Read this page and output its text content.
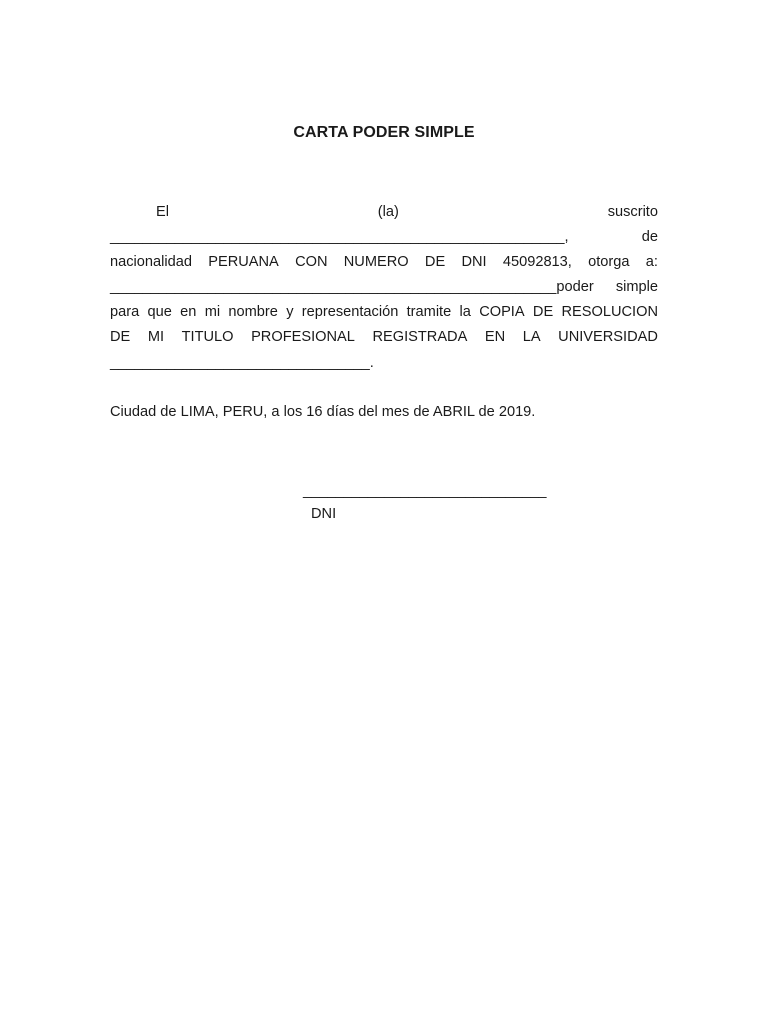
CARTA PODER SIMPLE
El	(la)	suscrito
________________________________________________________,	de
nacionalidad PERUANA CON NUMERO DE DNI 45092813, otorga a:
_______________________________________________________poder simple
para que en mi nombre y representación tramite la COPIA DE RESOLUCION
DE MI TITULO PROFESIONAL REGISTRADA EN LA UNIVERSIDAD
________________________________.
Ciudad de LIMA, PERU, a los 16 días del mes de ABRIL de 2019.
______________________________
DNI
